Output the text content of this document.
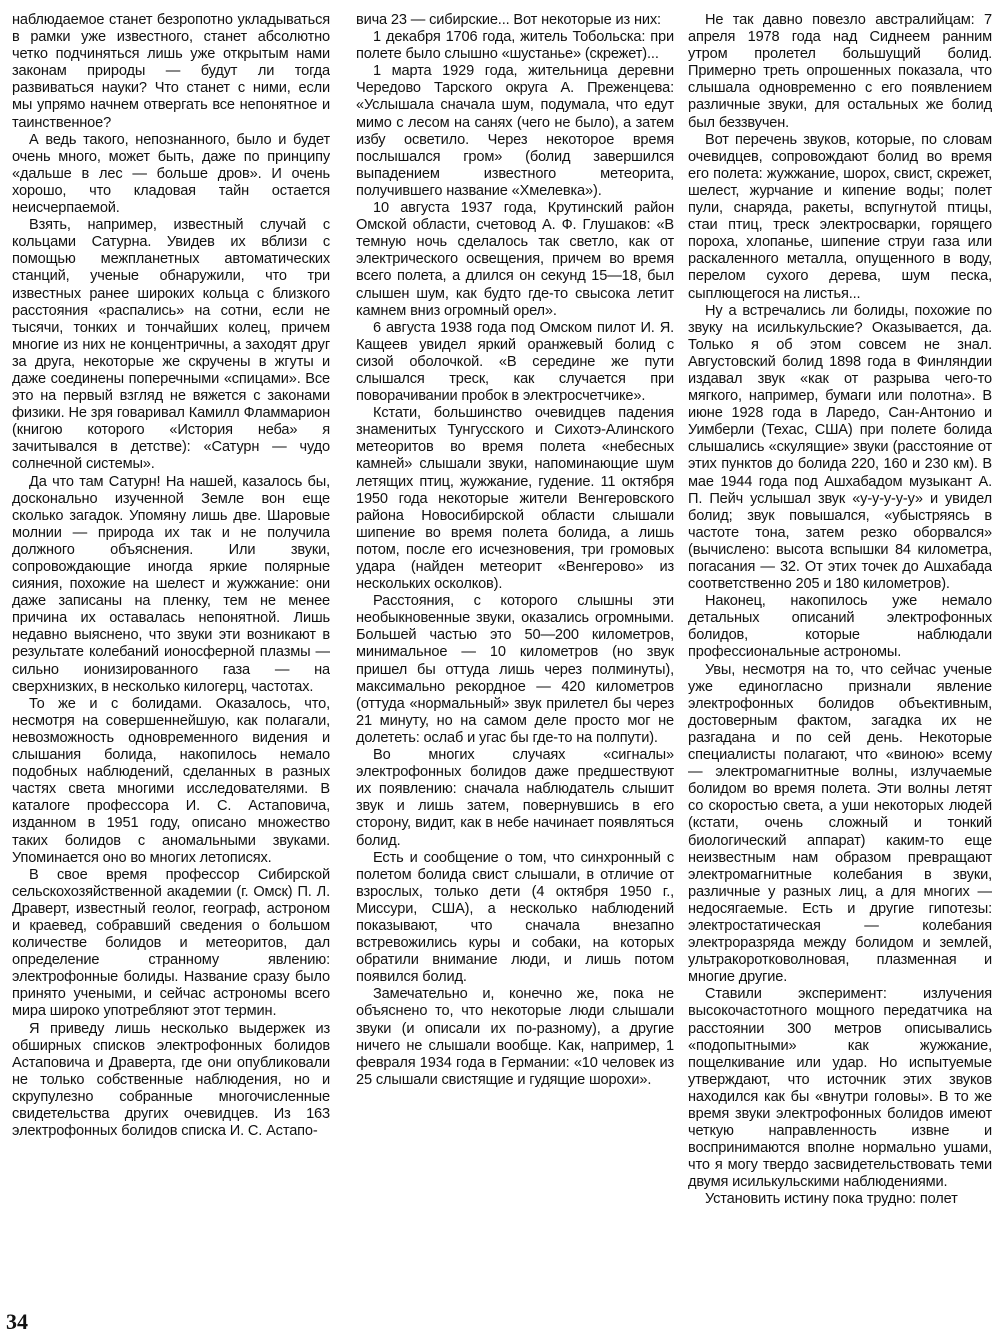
наблюдаемое станет безропотно укладываться в рамки уже известного, станет абсолютно четко подчиняться лишь уже открытым нами законам природы — будут ли тогда развиваться науки? Что станет с ними, если мы упрямо начнем отвергать все непонятное и таинственное?

А ведь такого, непознанного, было и будет очень много, может быть, даже по принципу «дальше в лес — больше дров». И очень хорошо, что кладовая тайн остается неисчерпаемой.

Взять, например, известный случай с кольцами Сатурна. Увидев их вблизи с помощью межпланетных автоматических станций, ученые обнаружили, что три известных ранее широких кольца с близкого расстояния «распались» на сотни, если не тысячи, тонких и тончайших колец, причем многие из них не концентричны, а заходят друг за друга, некоторые же скручены в жгуты и даже соединены поперечными «спицами». Все это на первый взгляд не вяжется с законами физики. Не зря говаривал Камилл Фламмарион (книгою которого «История неба» я зачитывался в детстве): «Сатурн — чудо солнечной системы».

Да что там Сатурн! На нашей, казалось бы, досконально изученной Земле вон еще сколько загадок. Упомяну лишь две. Шаровые молнии — природа их так и не получила должного объяснения. Или звуки, сопровождающие иногда яркие полярные сияния, похожие на шелест и жужжание: они даже записаны на пленку, тем не менее причина их оставалась непонятной. Лишь недавно выяснено, что звуки эти возникают в результате колебаний ионосферной плазмы — сильно ионизированного газа — на сверхнизких, в несколько килогерц, частотах.

То же и с болидами. Оказалось, что, несмотря на совершеннейшую, как полагали, невозможность одновременного видения и слышания болида, накопилось немало подобных наблюдений, сделанных в разных частях света многими исследователями. В каталоге профессора И. С. Астаповича, изданном в 1951 году, описано множество таких болидов с аномальными звуками. Упоминается оно во многих летописях.

В свое время профессор Сибирской сельскохозяйственной академии (г. Омск) П. Л. Драверт, известный геолог, географ, астроном и краевед, собравший сведения о большом количестве болидов и метеоритов, дал определение странному явлению: электрофонные болиды. Название сразу было принято учеными, и сейчас астрономы всего мира широко употребляют этот термин.

Я приведу лишь несколько выдержек из обширных списков электрофонных болидов Астаповича и Драверта, где они опубликовали не только собственные наблюдения, но и скрупулезно собранные многочисленные свидетельства других очевидцев. Из 163 электрофонных болидов списка И. С. Астапо-

вича 23 — сибирские... Вот некоторые из них:

1 декабря 1706 года, житель Тобольска: при полете было слышно «шустанье» (скрежет)...

1 марта 1929 года, жительница деревни Чередово Тарского округа А. Преженцева: «Услышала сначала шум, подумала, что едут мимо с лесом на санях (чего не было), а затем избу осветило. Через некоторое время послышался гром» (болид завершился выпадением известного метеорита, получившего название «Хмелевка»).

10 августа 1937 года, Крутинский район Омской области, счетовод А. Ф. Глушаков: «В темную ночь сделалось так светло, как от электрического освещения, причем во время всего полета, а длился он секунд 15—18, был слышен шум, как будто где-то свысока летит камнем вниз огромный орел».

6 августа 1938 года под Омском пилот И. Я. Кащеев увидел яркий оранжевый болид с сизой оболочкой. «В середине же пути слышался треск, как случается при поворачивании пробок в электросчетчике».

Кстати, большинство очевидцев падения знаменитых Тунгусского и Сихотэ-Алинского метеоритов во время полета «небесных камней» слышали звуки, напоминающие шум летящих птиц, жужжание, гудение. 11 октября 1950 года некоторые жители Венгеровского района Новосибирской области слышали шипение во время полета болида, а лишь потом, после его исчезновения, три громовых удара (найден метеорит «Венгерово» из нескольких осколков).

Расстояния, с которого слышны эти необыкновенные звуки, оказались огромными. Большей частью это 50—200 километров, минимальное — 10 километров (но звук пришел бы оттуда лишь через полминуты), максимально рекордное — 420 километров (оттуда «нормальный» звук прилетел бы через 21 минуту, но на самом деле просто мог не долететь: ослаб и угас бы где-то на полпути).

Во многих случаях «сигналы» электрофонных болидов даже предшествуют их появлению: сначала наблюдатель слышит звук и лишь затем, повернувшись в его сторону, видит, как в небе начинает появляться болид.

Есть и сообщение о том, что синхронный с полетом болида свист слышали, в отличие от взрослых, только дети (4 октября 1950 г., Миссури, США), а несколько наблюдений показывают, что сначала внезапно встревожились куры и собаки, на которых обратили внимание люди, и лишь потом появился болид.

Замечательно и, конечно же, пока не объяснено то, что некоторые люди слышали звуки (и описали их по-разному), а другие ничего не слышали вообще. Как, например, 1 февраля 1934 года в Германии: «10 человек из 25 слышали свистящие и гудящие шорохи».

Не так давно повезло австралийцам: 7 апреля 1978 года над Сиднеем ранним утром пролетел большущий болид. Примерно треть опрошенных показала, что слышала одновременно с его появлением различные звуки, для остальных же болид был беззвучен.

Вот перечень звуков, которые, по словам очевидцев, сопровождают болид во время его полета: жужжание, шорох, свист, скрежет, шелест, журчание и кипение воды; полет пули, снаряда, ракеты, вспугнутой птицы, стаи птиц, треск электросварки, горящего пороха, хлопанье, шипение струи газа или раскаленного металла, опущенного в воду, перелом сухого дерева, шум песка, сыплющегося на листья...

Ну а встречались ли болиды, похожие по звуку на исилькульские? Оказывается, да. Только я об этом совсем не знал. Августовский болид 1898 года в Финляндии издавал звук «как от разрыва чего-то мягкого, например, бумаги или полотна». В июне 1928 года в Ларедо, Сан-Антонио и Уимберли (Техас, США) при полете болида слышались «скулящие» звуки (расстояние от этих пунктов до болида 220, 160 и 230 км). В мае 1944 года под Ашхабадом музыкант А. П. Пейч услышал звук «у-у-у-у-у» и увидел болид; звук повышался, «убыстряясь в частоте тона, затем резко оборвался» (вычислено: высота вспышки 84 километра, погасания — 32. От этих точек до Ашхабада соответственно 205 и 180 километров).

Наконец, накопилось уже немало детальных описаний электрофонных болидов, которые наблюдали профессиональные астрономы.

Увы, несмотря на то, что сейчас ученые уже единогласно признали явление электрофонных болидов объективным, достоверным фактом, загадка их не разгадана и по сей день. Некоторые специалисты полагают, что «виною» всему — электромагнитные волны, излучаемые болидом во время полета. Эти волны летят со скоростью света, а уши некоторых людей (кстати, очень сложный и тонкий биологический аппарат) каким-то еще неизвестным нам образом превращают электромагнитные колебания в звуки, различные у разных лиц, а для многих — недосягаемые. Есть и другие гипотезы: электростатическая — колебания электроразряда между болидом и землей, ультракоротковолновая, плазменная и многие другие.

Ставили эксперимент: излучения высокочастотного мощного передатчика на расстоянии 300 метров описывались «подопытными» как жужжание, пощелкивание или удар. Но испытуемые утверждают, что источник этих звуков находился как бы «внутри головы». В то же время звуки электрофонных болидов имеют четкую направленность извне и воспринимаются вполне нормально ушами, что я могу твердо засвидетельствовать теми двумя исилькульскими наблюдениями.

Установить истину пока трудно: полет

34
